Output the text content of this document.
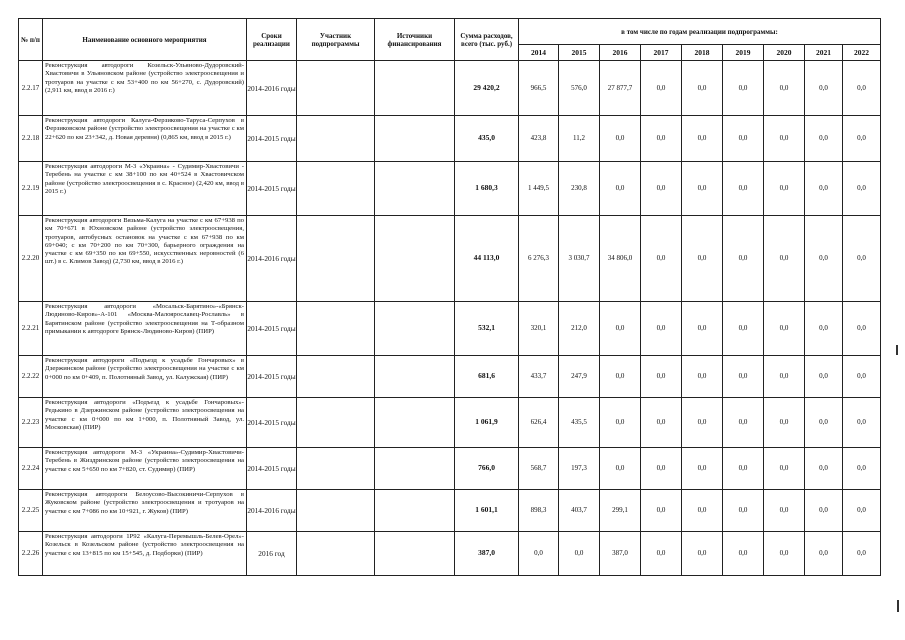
№ п/п	Наименование основного мероприятия	Сроки реализации	Участник подпрограммы	Источники финансирования	Сумма расходов, всего (тыс. руб.)	в том числе по годам реализации подпрограммы:								
						2014	2015	2016	2017	2018	2019	2020	2021	2022
2.2.17	Реконструкция автодороги Козельск-Ульяново-Дудоровский-Хвастовичи в Ульяновском районе (устройство электроосвещения и тротуаров на участке с км 53+400 по км 56+270, с. Дудоровский) (2,911 км, ввод в 2016 г.)	2014-2016 годы			29 420,2	966,5	576,0	27 877,7	0,0	0,0	0,0	0,0	0,0	0,0
2.2.18	Реконструкция автодороги Калуга-Ферзиково-Таруса-Серпухов в Ферзиковском районе (устройство электроосвещения на участке с км 22+620 по км 23+342, д. Новая деревня) (0,865 км, ввод в 2015 г.)	2014-2015 годы			435,0	423,8	11,2	0,0	0,0	0,0	0,0	0,0	0,0	0,0
2.2.19	Реконструкция автодороги М-3 «Украина» - Судимир-Хвастовичи - Теребень на участке с км 38+100 по км 40+524 в Хвастовичском районе (устройство электроосвещения в с. Красное) (2,420 км, ввод в 2015 г.)	2014-2015 годы			1 680,3	1 449,5	230,8	0,0	0,0	0,0	0,0	0,0	0,0	0,0
2.2.20	Реконструкция автодороги Вязьма-Калуга на участке с км 67+938 по км 70+671 в Юхновском районе (устройство электроосвещения, тротуаров, автобусных остановок на участке с км 67+938 по км 69+040; с км 70+200 по км 70+300, барьерного ограждения на участке с км 69+350 по км 69+550, искусственных неровностей (6 шт.) в с. Климов Завод) (2,730 км, ввод в 2016 г.)	2014-2016 годы			44 113,0	6 276,3	3 030,7	34 806,0	0,0	0,0	0,0	0,0	0,0	0,0
2.2.21	Реконструкция автодороги «Мосальск-Барятино»-«Брянск-Людиново-Киров»-А-101 «Москва-Малоярославец-Рославль» в Барятинском районе (устройство электроосвещения на Т-образном примыкании к автодороге Брянск-Людиново-Киров) (ПИР)	2014-2015 годы			532,1	320,1	212,0	0,0	0,0	0,0	0,0	0,0	0,0	0,0
2.2.22	Реконструкция автодороги «Подъезд к усадьбе Гончаровых» в Дзержинском районе (устройство электроосвещения на участке с км 0+000 по км 0+409, п. Полотняный Завод, ул. Калужская) (ПИР)	2014-2015 годы			681,6	433,7	247,9	0,0	0,0	0,0	0,0	0,0	0,0	0,0
2.2.23	Реконструкция автодороги «Подъезд к усадьбе Гончаровых»-Редькино в Дзержинском районе (устройство электроосвещения на участке с км 0+000 по км 1+000, п. Полотняный Завод, ул. Московская) (ПИР)	2014-2015 годы			1 061,9	626,4	435,5	0,0	0,0	0,0	0,0	0,0	0,0	0,0
2.2.24	Реконструкция автодороги М-3 «Украина»-Судимир-Хвастовичи-Теребень в Жиздринском районе (устройство электроосвещения на участке с км 5+650 по км 7+820, ст. Судимир) (ПИР)	2014-2015 годы			766,0	568,7	197,3	0,0	0,0	0,0	0,0	0,0	0,0	0,0
2.2.25	Реконструкция автодороги Белоусово-Высокиничи-Серпухов в Жуковском районе (устройство электроосвещения и тротуаров на участке с км 7+086 по км 10+921, г. Жуков) (ПИР)	2014-2016 годы			1 601,1	898,3	403,7	299,1	0,0	0,0	0,0	0,0	0,0	0,0
2.2.26	Реконструкция автодороги 1Р92 «Калуга-Перемышль-Белев-Орел»-Козельск в Козельском районе (устройство электроосвещения на участке с км 13+815 по км 15+545, д. Подборки) (ПИР)	2016 год			387,0	0,0	0,0	387,0	0,0	0,0	0,0	0,0	0,0	0,0
